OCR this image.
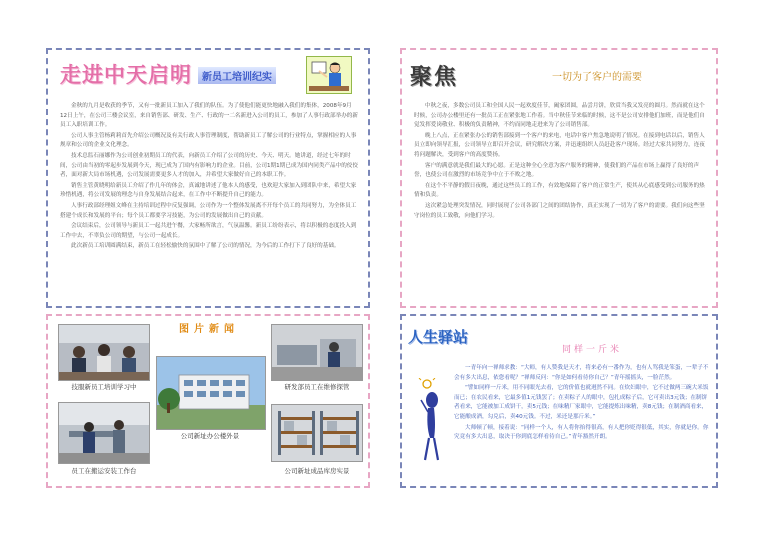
走进中天启明	新员工培训纪实

金秋的九月是收获的季节，又有一批新员工加入了我们的队伍。为了使他们能更快地融入我们的集体，2008年9月12日上午，在公司三楼会议室，来自销售部、研发、生产、行政的一二名新进入公司的员工，参加了人事行政部举办的新员工入职培训工作。

公司人事主管杨莉莉首先介绍公司概况及有关行政人事管理制度，帮助新员工了解公司的行业特点，掌握相应的人事规章和公司的企业文化理念。

技术总监石丽娜作为公司创业初期员工的代表，向新员工介绍了公司的历史、今天、明天。她讲道，经过七年的时间，公司由当初的零起步发展到今天，现已成为了国内有影响力的企业。目前，公司1期1期已成为国内同类产品中的佼佼者，面对新大局市场机遇，公司发展需要更多人才的加入，并希望大家做好自己的本职工作。

销售主管黄晓明给新员工介绍了作几年的体会，真诚地讲述了他本人的感受，也欢迎大家加入到团队中来，希望大家珍惜机遇，将公司发展的理念与自身发展结合起来，在工作中不断提升自己的能力。

人事行政部经理姐文峰在主持培训过程中反复强调，公司作为一个整体发展离不开每个员工的共同努力，为全体员工搭建个成长和发展的平台；每个员工都要学习技能，为公司的发展做出自己的贡献。

会议结束后，公司领导与新员工一起共进午餐，大家畅所欲言，气氛温馨。新员工纷纷表示，将以积极的态度投入到工作中去，不辜负公司的期望，与公司一起成长。

此次新员工培训圆满结束，新员工在轻松愉快的氛围中了解了公司的情况，为今后的工作打下了良好的基础。

聚焦	一切为了客户的需要

中秋之夜，多数公司员工和全国人民一起欢度佳节，阖家团圆，品尝月饼，欣赏当我又发亮的圆月。然而就在这个时候，公司办公楼里还有一批员工正在紧张地工作着。当中秋佳节来临的时候，这不是公司安排他们加班，而是他们自觉发挥爱岗敬业、积极的负责精神，不约而同地走进来为了公司销售部。

晚上八点，正在紧张办公的销售部接到一个客户的来电，电话中客户焦急地说明了情况。在接到电话以后，销售人员立即向领导汇报，公司领导立即召开会议，研究解决方案，并迅速组织人员赶赴客户现场。经过大家共同努力，连夜将问题解决，受到客户的高度赞扬。

客户的满意就是我们最大的心愿。正是这种全心全意为客户服务的精神，使我们的产品在市场上赢得了良好的声誉，也使公司在激烈的市场竞争中立于不败之地。

在这个不平静的假日夜晚，通过这些员工的工作，有效地保障了客户的正常生产，使其从心底感受到公司服务的热情和负责。

这次紧急处理突发情况，同时展现了公司各部门之间的团结协作，真正实现了一切为了客户的需要。我们向这些坚守岗位的员工致敬，向他们学习。

图片新闻
技服新员工培训学习中	研发部员工在维修探管
公司新址办公楼外景
员工在搬运安装工作台	公司新址成品库房实景
人生驿站
同样一斤米

一青年向一禅师求教：“大师，有人赞我是天才，将来必有一番作为，也有人骂我是笨蛋，一辈子不会有多大出息，依您看呢？”禅师反问：“你是如何看待你自己？”青年摇摇头，一脸茫然。

“譬如同样一斤米，用不同眼光去看，它的价值也就迥然不同。在炊妇眼中，它不过做两三碗大米饭而已；在农民看来，它最多值1元钱罢了；在卖粽子人的眼中，包扎成粽子后，它可卖出3元钱；在制饼者看来，它能被加工成饼干，卖5元钱；在味精厂家眼中，它能提炼出味精，卖8元钱；在制酒商看来，它能酿成酒，勾兑后，卖40元钱。不过，米还是那斤米。”

大师顿了顿，接着说：“同样一个人，有人将你抬得很高，有人把你贬得很低，其实，你就是你。你究竟有多大出息，取决于你到底怎样看待自己。”青年豁然开朗。
